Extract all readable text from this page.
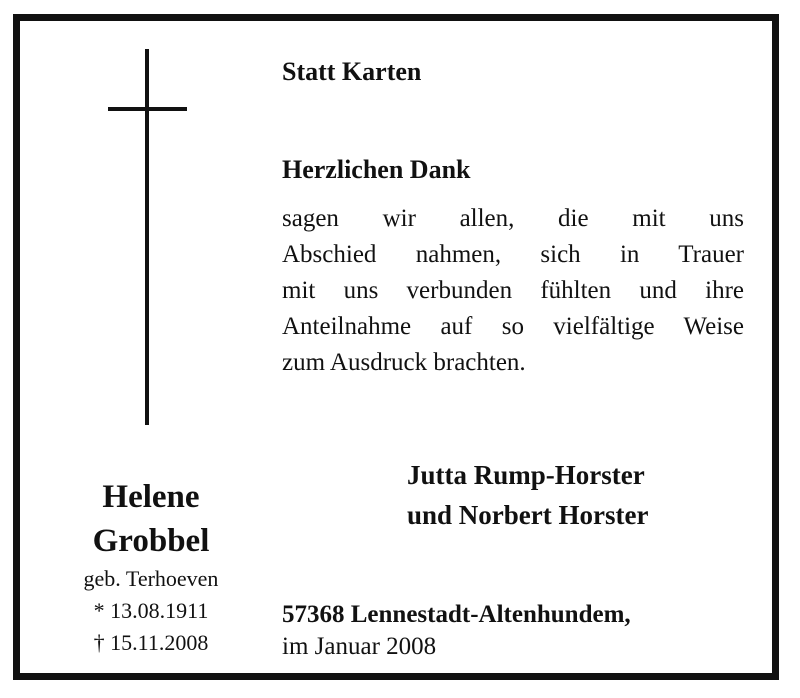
Statt Karten
Herzlichen Dank
sagen wir allen, die mit uns
Abschied nahmen, sich in Trauer
mit uns verbunden fühlten und ihre
Anteilnahme auf so vielfältige Weise
zum Ausdruck brachten.
Jutta Rump-Horster
und Norbert Horster
Helene
Grobbel
geb. Terhoeven
* 13.08.1911
† 15.11.2008
57368 Lennestadt-Altenhundem,
im Januar 2008
